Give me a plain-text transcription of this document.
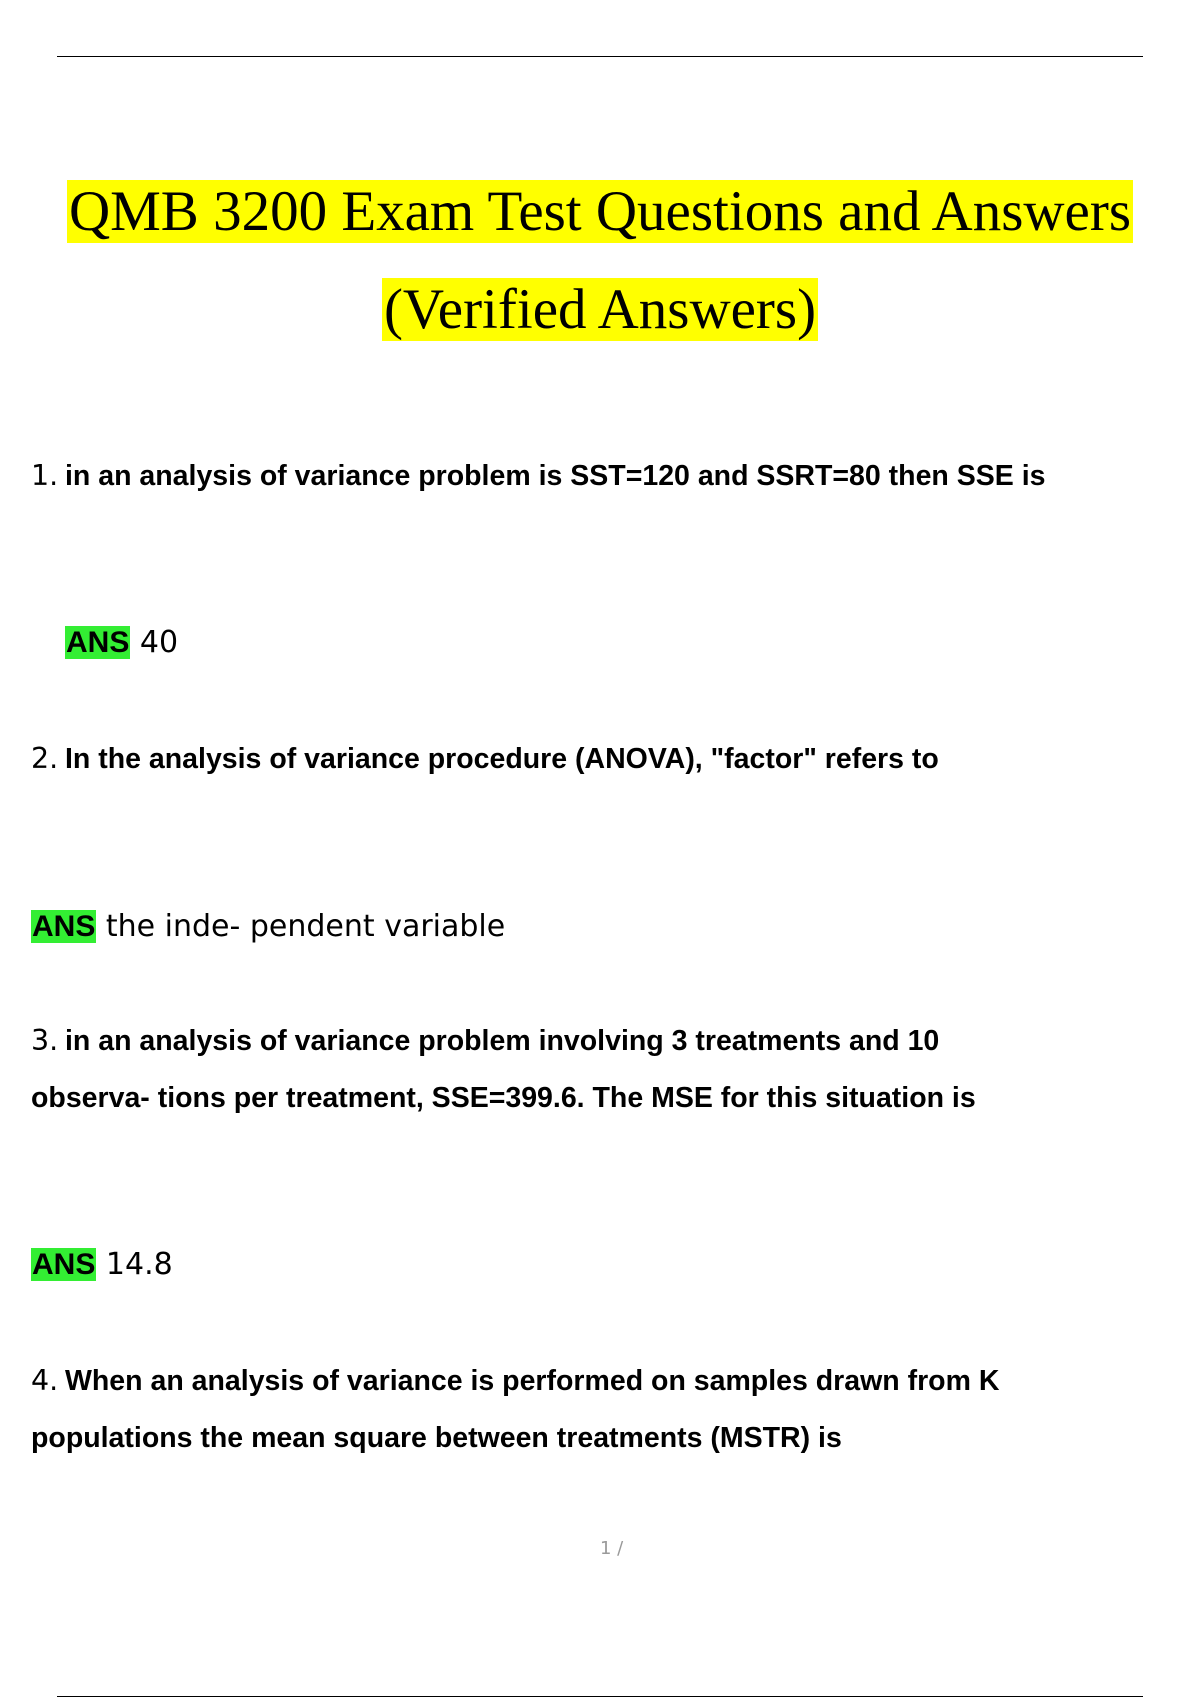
QMB 3200 Exam Test Questions and Answers
(Verified Answers)
1. in an analysis of variance problem is SST=120 and SSRT=80 then SSE is
ANS 40
2. In the analysis of variance procedure (ANOVA), "factor" refers to
ANS the inde- pendent variable
3. in an analysis of variance problem involving 3 treatments and 10
observa- tions per treatment, SSE=399.6. The MSE for this situation is
ANS 14.8
4. When an analysis of variance is performed on samples drawn from K
populations the mean square between treatments (MSTR) is
1 /
